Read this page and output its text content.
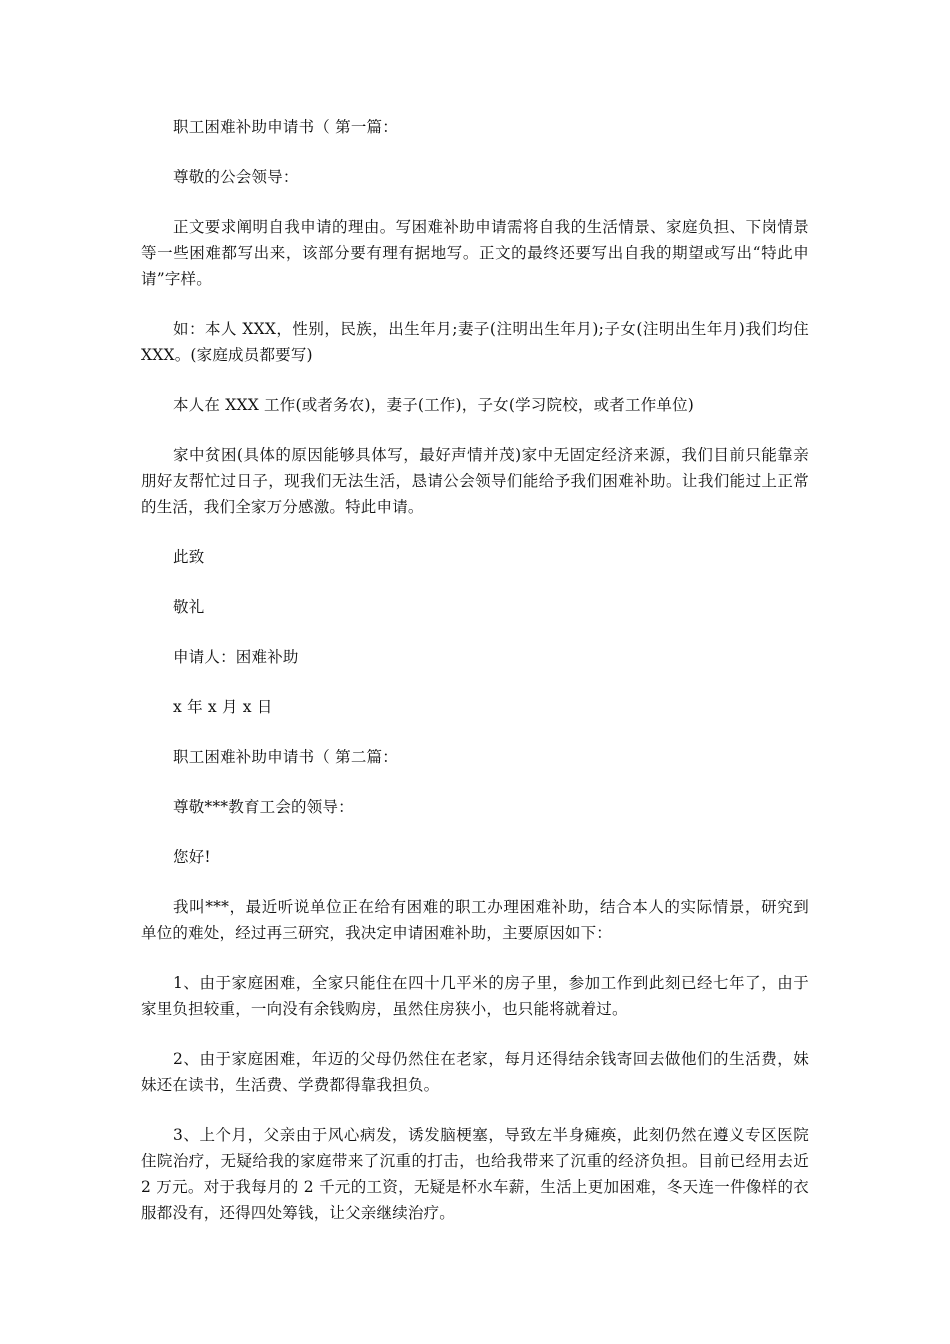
职工困难补助申请书（ 第一篇：

尊敬的公会领导：

正文要求阐明自我申请的理由。写困难补助申请需将自我的生活情景、家庭负担、下岗情景等一些困难都写出来，该部分要有理有据地写。正文的最终还要写出自我的期望或写出“特此申请”字样。

如：本人 XXX，性别，民族，出生年月;妻子(注明出生年月);子女(注明出生年月)我们均住 XXX。(家庭成员都要写)

本人在 XXX 工作(或者务农)，妻子(工作)，子女(学习院校，或者工作单位)

家中贫困(具体的原因能够具体写，最好声情并茂)家中无固定经济来源，我们目前只能靠亲朋好友帮忙过日子，现我们无法生活，恳请公会领导们能给予我们困难补助。让我们能过上正常的生活，我们全家万分感激。特此申请。

此致

敬礼

申请人：困难补助

x 年 x 月 x 日

职工困难补助申请书（ 第二篇：

尊敬***教育工会的领导：

您好!

我叫***，最近听说单位正在给有困难的职工办理困难补助，结合本人的实际情景，研究到单位的难处，经过再三研究，我决定申请困难补助，主要原因如下：

1、由于家庭困难，全家只能住在四十几平米的房子里，参加工作到此刻已经七年了，由于家里负担较重，一向没有余钱购房，虽然住房狭小，也只能将就着过。

2、由于家庭困难，年迈的父母仍然住在老家，每月还得结余钱寄回去做他们的生活费，妹妹还在读书，生活费、学费都得靠我担负。

3、上个月，父亲由于风心病发，诱发脑梗塞，导致左半身瘫痪，此刻仍然在遵义专区医院住院治疗，无疑给我的家庭带来了沉重的打击，也给我带来了沉重的经济负担。目前已经用去近 2 万元。对于我每月的 2 千元的工资，无疑是杯水车薪，生活上更加困难，冬天连一件像样的衣服都没有，还得四处筹钱，让父亲继续治疗。
